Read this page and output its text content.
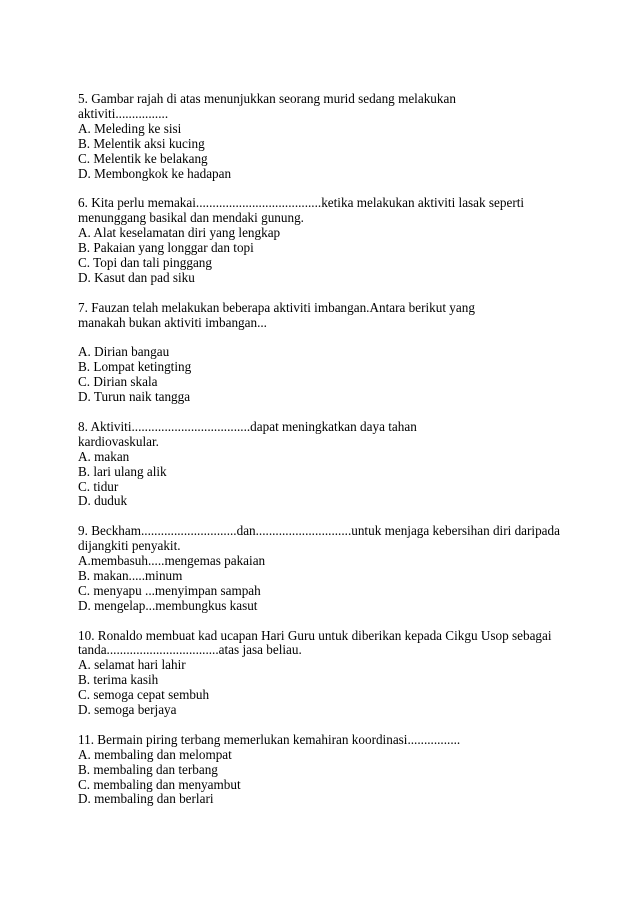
5. Gambar rajah di atas menunjukkan seorang murid sedang melakukan
aktiviti................
A. Meleding ke sisi
B. Melentik aksi kucing
C. Melentik ke belakang
D. Membongkok ke hadapan
6. Kita perlu memakai......................................ketika melakukan aktiviti lasak seperti
menunggang basikal dan mendaki gunung.
A. Alat keselamatan diri yang lengkap
B. Pakaian yang longgar dan topi
C. Topi dan tali pinggang
D. Kasut dan pad siku
7. Fauzan telah melakukan beberapa aktiviti imbangan.Antara berikut yang
manakah bukan aktiviti imbangan...
A. Dirian bangau
B. Lompat ketingting
C. Dirian skala
D. Turun naik tangga
8. Aktiviti....................................dapat meningkatkan daya tahan
kardiovaskular.
A. makan
B. lari ulang alik
C. tidur
D. duduk
9. Beckham.............................dan.............................untuk menjaga kebersihan diri daripada
dijangkiti penyakit.
A.membasuh.....mengemas pakaian
B. makan.....minum
C. menyapu ...menyimpan sampah
D. mengelap...membungkus kasut
10. Ronaldo membuat kad ucapan Hari Guru untuk diberikan kepada Cikgu Usop sebagai
tanda..................................atas jasa beliau.
A. selamat hari lahir
B. terima kasih
C. semoga cepat sembuh
D. semoga berjaya
11. Bermain piring terbang memerlukan kemahiran koordinasi................
A. membaling dan melompat
B. membaling dan terbang
C. membaling dan menyambut
D. membaling dan berlari
